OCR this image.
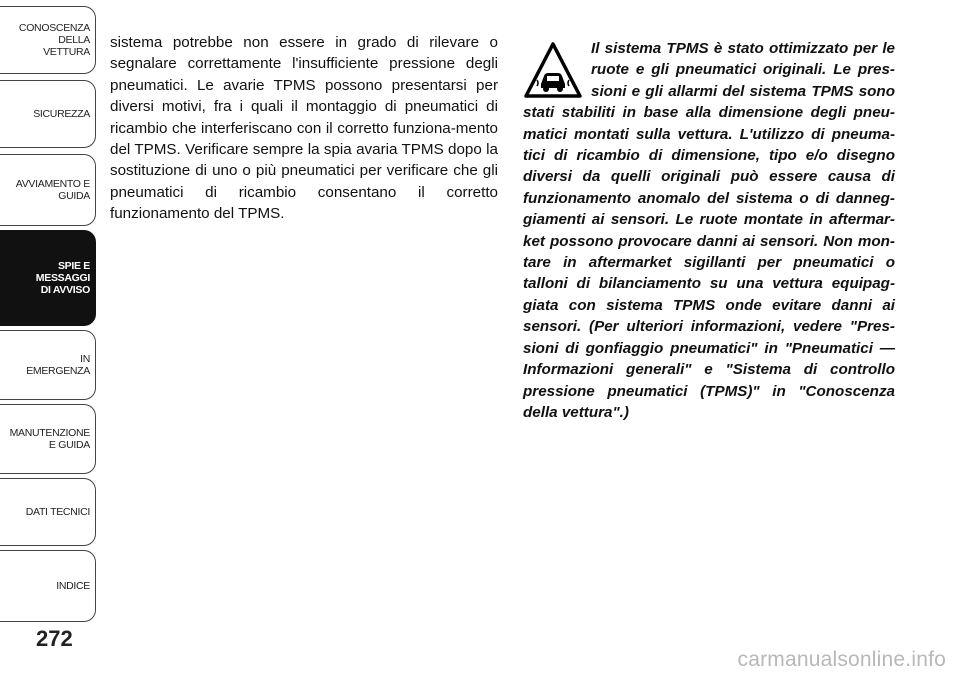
CONOSCENZA DELLA
VETTURA
SICUREZZA
AVVIAMENTO E
GUIDA
SPIE E
MESSAGGI
DI AVVISO
IN
EMERGENZA
MANUTENZIONE
E GUIDA
DATI TECNICI
INDICE
272
sistema potrebbe non essere in grado di rilevare o segnalare correttamente l'insufficiente pressione degli pneumatici. Le avarie TPMS possono presentarsi per diversi motivi, fra i quali il montaggio di pneumatici di ricambio che interferiscano con il corretto funziona-mento del TPMS. Verificare sempre la spia avaria TPMS dopo la sostituzione di uno o più pneumatici per verificare che gli pneumatici di ricambio consentano il corretto funzionamento del TPMS.
Il sistema TPMS è stato ottimizzato per le ruote e gli pneumatici originali. Le pres-sioni e gli allarmi del sistema TPMS sono stati stabiliti in base alla dimensione degli pneu-matici montati sulla vettura. L'utilizzo di pneuma-tici di ricambio di dimensione, tipo e/o disegno diversi da quelli originali può essere causa di funzionamento anomalo del sistema o di danneg-giamenti ai sensori. Le ruote montate in aftermar-ket possono provocare danni ai sensori. Non mon-tare in aftermarket sigillanti per pneumatici o talloni di bilanciamento su una vettura equipag-giata con sistema TPMS onde evitare danni ai sensori. (Per ulteriori informazioni, vedere "Pres-sioni di gonfiaggio pneumatici" in "Pneumatici — Informazioni generali" e "Sistema di controllo pressione pneumatici (TPMS)" in "Conoscenza della vettura".)
carmanualsonline.info
